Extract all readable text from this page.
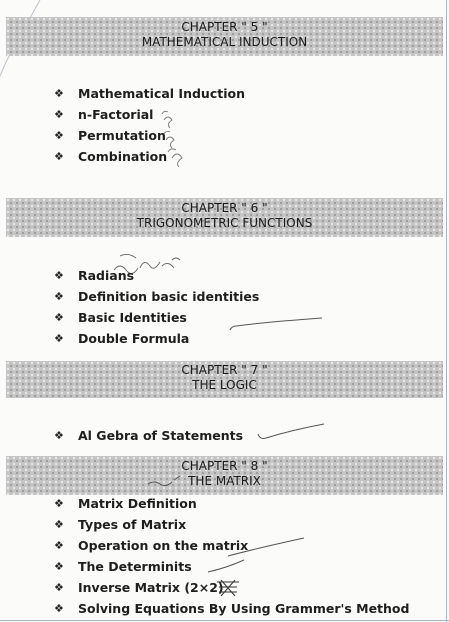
CHAPTER " 5 "
MATHEMATICAL INDUCTION
❖ Mathematical Induction
❖ n-Factorial
❖ Permutation
❖ Combination
CHAPTER " 6 "
TRIGONOMETRIC FUNCTIONS
❖ Radians
❖ Definition basic identities
❖ Basic Identities
❖ Double Formula
CHAPTER " 7 "
THE LOGIC
❖ Al Gebra of Statements
CHAPTER " 8 "
THE MATRIX
❖ Matrix Definition
❖ Types of Matrix
❖ Operation on the matrix
❖ The Determinits
❖ Inverse Matrix (2×2)
❖ Solving Equations By Using Grammer's Method
